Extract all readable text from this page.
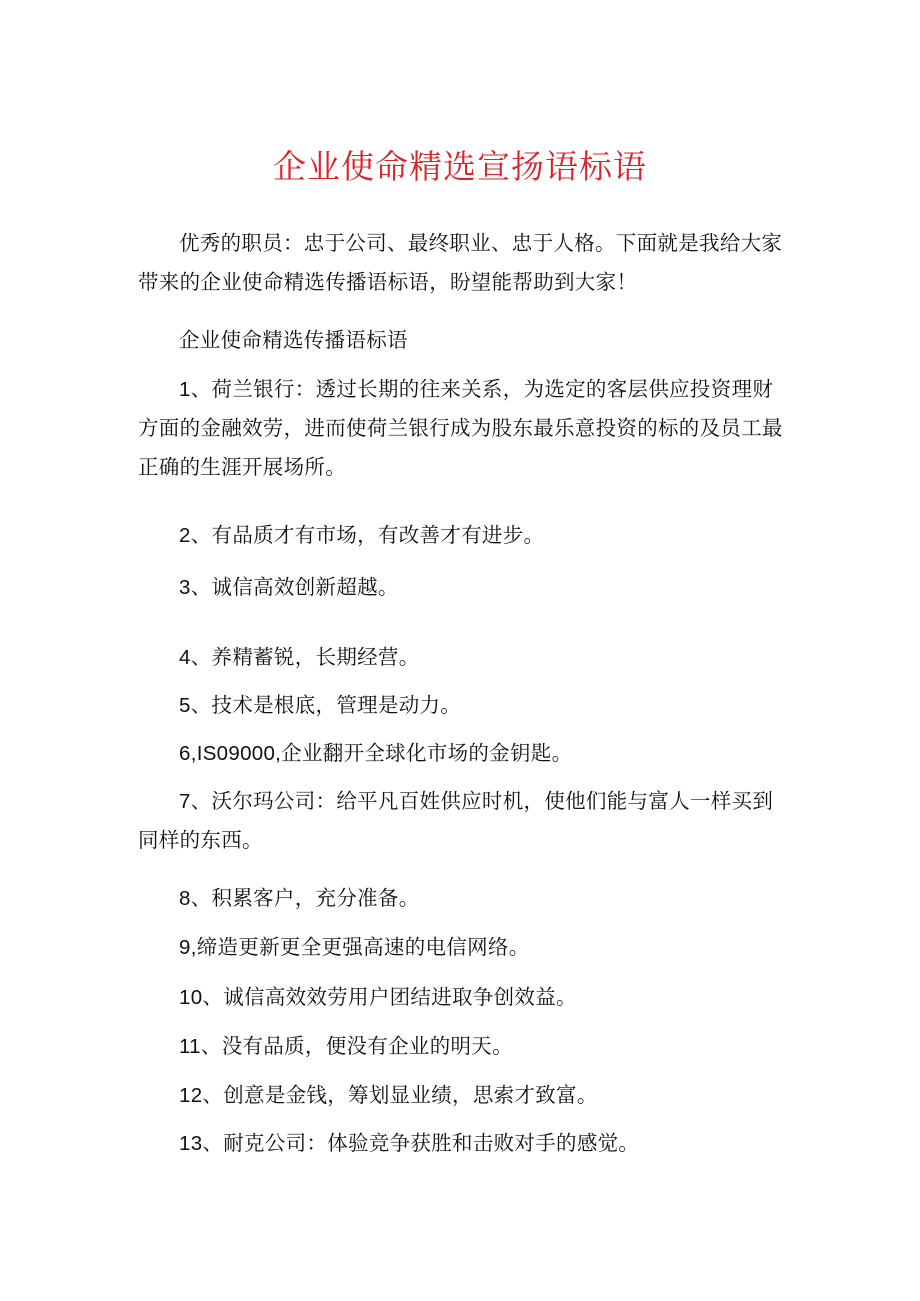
企业使命精选宣扬语标语

优秀的职员：忠于公司、最终职业、忠于人格。下面就是我给大家带来的企业使命精选传播语标语，盼望能帮助到大家！

企业使命精选传播语标语

1、荷兰银行：透过长期的往来关系，为选定的客层供应投资理财方面的金融效劳，进而使荷兰银行成为股东最乐意投资的标的及员工最正确的生涯开展场所。

2、有品质才有市场，有改善才有进步。

3、诚信高效创新超越。

4、养精蓄锐，长期经营。

5、技术是根底，管理是动力。

6,IS09000,企业翻开全球化市场的金钥匙。

7、沃尔玛公司：给平凡百姓供应时机，使他们能与富人一样买到同样的东西。

8、积累客户，充分准备。

9,缔造更新更全更强高速的电信网络。

10、诚信高效效劳用户团结进取争创效益。

11、没有品质，便没有企业的明天。

12、创意是金钱，筹划显业绩，思索才致富。

13、耐克公司：体验竞争获胜和击败对手的感觉。
